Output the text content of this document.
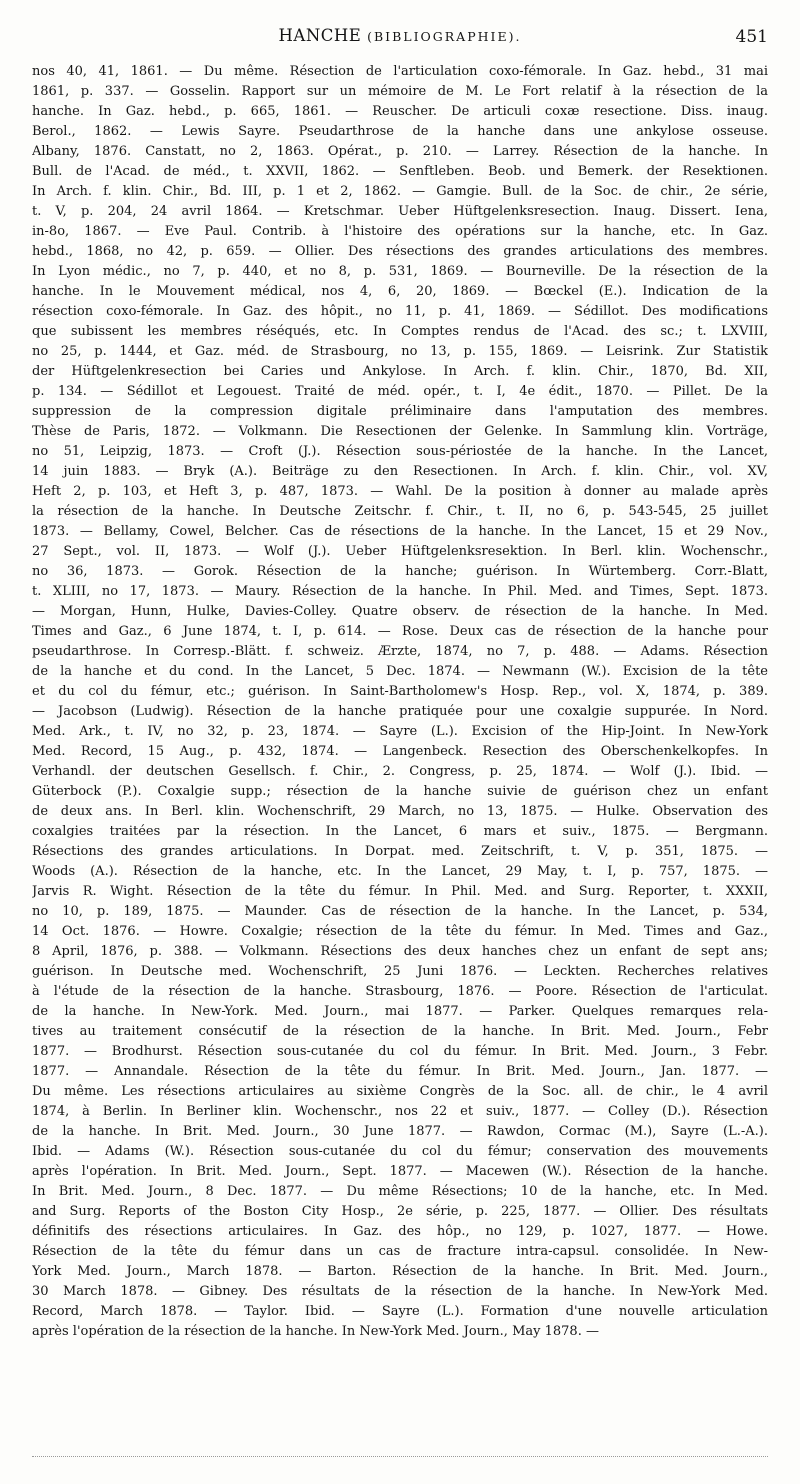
HANCHE (BIBLIOGRAPHIE).	451
nos 40, 41, 1861. — Du même. Résection de l'articulation coxo-fémorale. In Gaz. hebd., 31 mai
1861, p. 337. — Gosselin. Rapport sur un mémoire de M. Le Fort relatif à la résection de la
hanche. In Gaz. hebd., p. 665, 1861. — Reuscher. De articuli coxæ resectione. Diss. inaug.
Berol., 1862. — Lewis Sayre. Pseudarthrose de la hanche dans une ankylose osseuse.
Albany, 1876. Canstatt, no 2, 1863. Opérat., p. 210. — Larrey. Résection de la hanche. In
Bull. de l'Acad. de méd., t. XXVII, 1862. — Senftleben. Beob. und Bemerk. der Resektionen.
In Arch. f. klin. Chir., Bd. III, p. 1 et 2, 1862. — Gamgie. Bull. de la Soc. de chir., 2e série,
t. V, p. 204, 24 avril 1864. — Kretschmar. Ueber Hüftgelenksresection. Inaug. Dissert. Iena,
in-8o, 1867. — Eve Paul. Contrib. à l'histoire des opérations sur la hanche, etc. In Gaz.
hebd., 1868, no 42, p. 659. — Ollier. Des résections des grandes articulations des membres.
In Lyon médic., no 7, p. 440, et no 8, p. 531, 1869. — Bourneville. De la résection de la
hanche. In le Mouvement médical, nos 4, 6, 20, 1869. — Bœckel (E.). Indication de la
résection coxo-fémorale. In Gaz. des hôpit., no 11, p. 41, 1869. — Sédillot. Des modifications
que subissent les membres réséqués, etc. In Comptes rendus de l'Acad. des sc.; t. LXVIII,
no 25, p. 1444, et Gaz. méd. de Strasbourg, no 13, p. 155, 1869. — Leisrink. Zur Statistik
der Hüftgelenkresection bei Caries und Ankylose. In Arch. f. klin. Chir., 1870, Bd. XII,
p. 134. — Sédillot et Legouest. Traité de méd. opér., t. I, 4e édit., 1870. — Pillet. De la
suppression de la compression digitale préliminaire dans l'amputation des membres.
Thèse de Paris, 1872. — Volkmann. Die Resectionen der Gelenke. In Sammlung klin. Vorträge,
no 51, Leipzig, 1873. — Croft (J.). Résection sous-périostée de la hanche. In the Lancet,
14 juin 1883. — Bryk (A.). Beiträge zu den Resectionen. In Arch. f. klin. Chir., vol. XV,
Heft 2, p. 103, et Heft 3, p. 487, 1873. — Wahl. De la position à donner au malade après
la résection de la hanche. In Deutsche Zeitschr. f. Chir., t. II, no 6, p. 543-545, 25 juillet
1873. — Bellamy, Cowel, Belcher. Cas de résections de la hanche. In the Lancet, 15 et 29 Nov.,
27 Sept., vol. II, 1873. — Wolf (J.). Ueber Hüftgelenksresektion. In Berl. klin. Wochenschr.,
no 36, 1873. — Gorok. Résection de la hanche; guérison. In Würtemberg. Corr.-Blatt,
t. XLIII, no 17, 1873. — Maury. Résection de la hanche. In Phil. Med. and Times, Sept. 1873.
— Morgan, Hunn, Hulke, Davies-Colley. Quatre observ. de résection de la hanche. In Med.
Times and Gaz., 6 June 1874, t. I, p. 614. — Rose. Deux cas de résection de la hanche pour
pseudarthrose. In Corresp.-Blätt. f. schweiz. Ærzte, 1874, no 7, p. 488. — Adams. Résection
de la hanche et du cond. In the Lancet, 5 Dec. 1874. — Newmann (W.). Excision de la tête
et du col du fémur, etc.; guérison. In Saint-Bartholomew's Hosp. Rep., vol. X, 1874, p. 389.
— Jacobson (Ludwig). Résection de la hanche pratiquée pour une coxalgie suppurée. In Nord.
Med. Ark., t. IV, no 32, p. 23, 1874. — Sayre (L.). Excision of the Hip-Joint. In New-York
Med. Record, 15 Aug., p. 432, 1874. — Langenbeck. Resection des Oberschenkelkopfes. In
Verhandl. der deutschen Gesellsch. f. Chir., 2. Congress, p. 25, 1874. — Wolf (J.). Ibid. —
Güterbock (P.). Coxalgie supp.; résection de la hanche suivie de guérison chez un enfant
de deux ans. In Berl. klin. Wochenschrift, 29 March, no 13, 1875. — Hulke. Observation des
coxalgies traitées par la résection. In the Lancet, 6 mars et suiv., 1875. — Bergmann.
Résections des grandes articulations. In Dorpat. med. Zeitschrift, t. V, p. 351, 1875. —
Woods (A.). Résection de la hanche, etc. In the Lancet, 29 May, t. I, p. 757, 1875. —
Jarvis R. Wight. Résection de la tête du fémur. In Phil. Med. and Surg. Reporter, t. XXXII,
no 10, p. 189, 1875. — Maunder. Cas de résection de la hanche. In the Lancet, p. 534,
14 Oct. 1876. — Howre. Coxalgie; résection de la tête du fémur. In Med. Times and Gaz.,
8 April, 1876, p. 388. — Volkmann. Résections des deux hanches chez un enfant de sept ans;
guérison. In Deutsche med. Wochenschrift, 25 Juni 1876. — Leckten. Recherches relatives
à l'étude de la résection de la hanche. Strasbourg, 1876. — Poore. Résection de l'articulat.
de la hanche. In New-York. Med. Journ., mai 1877. — Parker. Quelques remarques rela-
tives au traitement consécutif de la résection de la hanche. In Brit. Med. Journ., Febr
1877. — Brodhurst. Résection sous-cutanée du col du fémur. In Brit. Med. Journ., 3 Febr.
1877. — Annandale. Résection de la tête du fémur. In Brit. Med. Journ., Jan. 1877. —
Du même. Les résections articulaires au sixième Congrès de la Soc. all. de chir., le 4 avril
1874, à Berlin. In Berliner klin. Wochenschr., nos 22 et suiv., 1877. — Colley (D.). Résection
de la hanche. In Brit. Med. Journ., 30 June 1877. — Rawdon, Cormac (M.), Sayre (L.-A.).
Ibid. — Adams (W.). Résection sous-cutanée du col du fémur; conservation des mouvements
après l'opération. In Brit. Med. Journ., Sept. 1877. — Macewen (W.). Résection de la hanche.
In Brit. Med. Journ., 8 Dec. 1877. — Du même Résections; 10 de la hanche, etc. In Med.
and Surg. Reports of the Boston City Hosp., 2e série, p. 225, 1877. — Ollier. Des résultats
définitifs des résections articulaires. In Gaz. des hôp., no 129, p. 1027, 1877. — Howe.
Résection de la tête du fémur dans un cas de fracture intra-capsul. consolidée. In New-
York Med. Journ., March 1878. — Barton. Résection de la hanche. In Brit. Med. Journ.,
30 March 1878. — Gibney. Des résultats de la résection de la hanche. In New-York Med.
Record, March 1878. — Taylor. Ibid. — Sayre (L.). Formation d'une nouvelle articulation
après l'opération de la résection de la hanche. In New-York Med. Journ., May 1878. —
